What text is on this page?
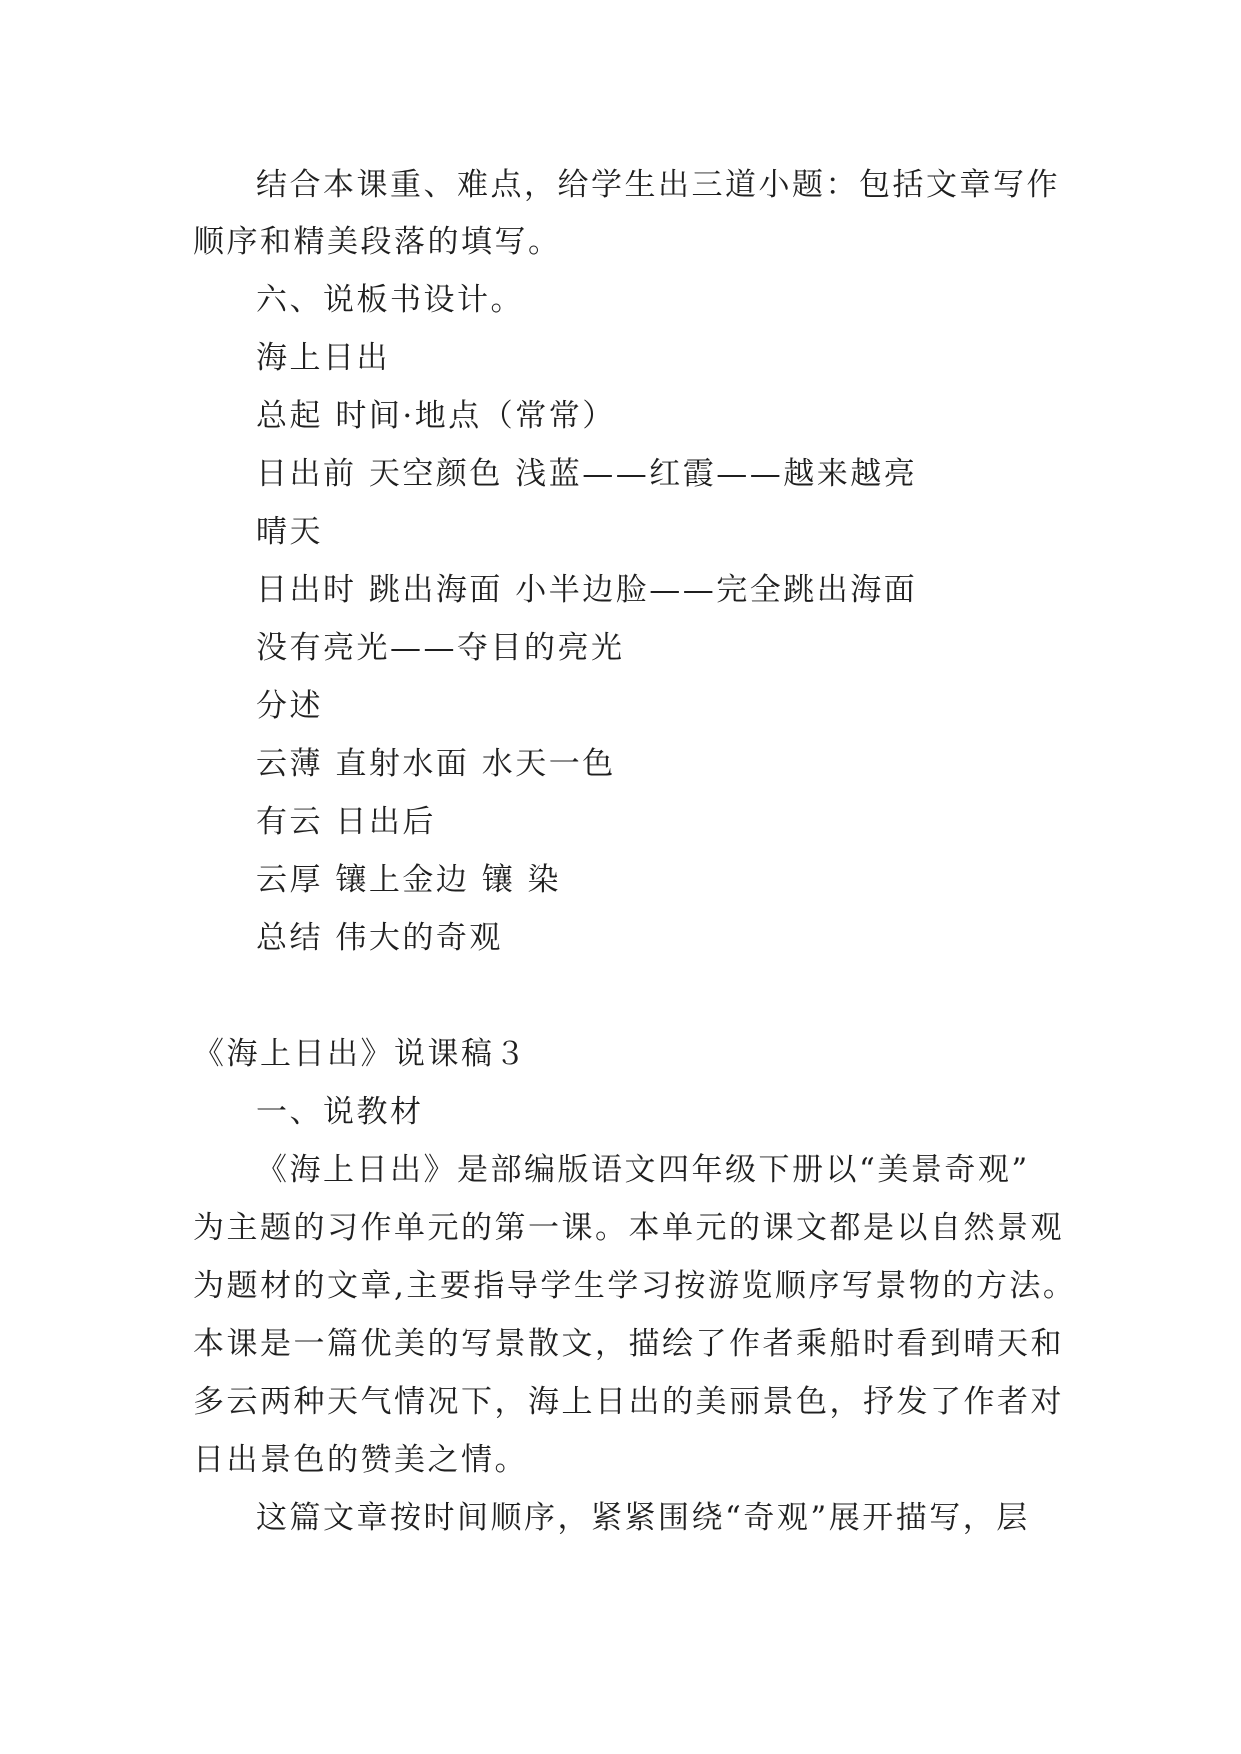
结合本课重、难点，给学生出三道小题：包括文章写作
顺序和精美段落的填写。
六、说板书设计。
海上日出
总起 时间·地点（常常）
日出前 天空颜色 浅蓝——红霞——越来越亮
晴天
日出时 跳出海面 小半边脸——完全跳出海面
没有亮光——夺目的亮光
分述
云薄 直射水面 水天一色
有云 日出后
云厚 镶上金边 镶 染
总结 伟大的奇观
《海上日出》说课稿３
一、说教材
《海上日出》是部编版语文四年级下册以“美景奇观”
为主题的习作单元的第一课。本单元的课文都是以自然景观
为题材的文章,主要指导学生学习按游览顺序写景物的方法。
本课是一篇优美的写景散文，描绘了作者乘船时看到晴天和
多云两种天气情况下，海上日出的美丽景色，抒发了作者对
日出景色的赞美之情。
这篇文章按时间顺序，紧紧围绕“奇观”展开描写，层
